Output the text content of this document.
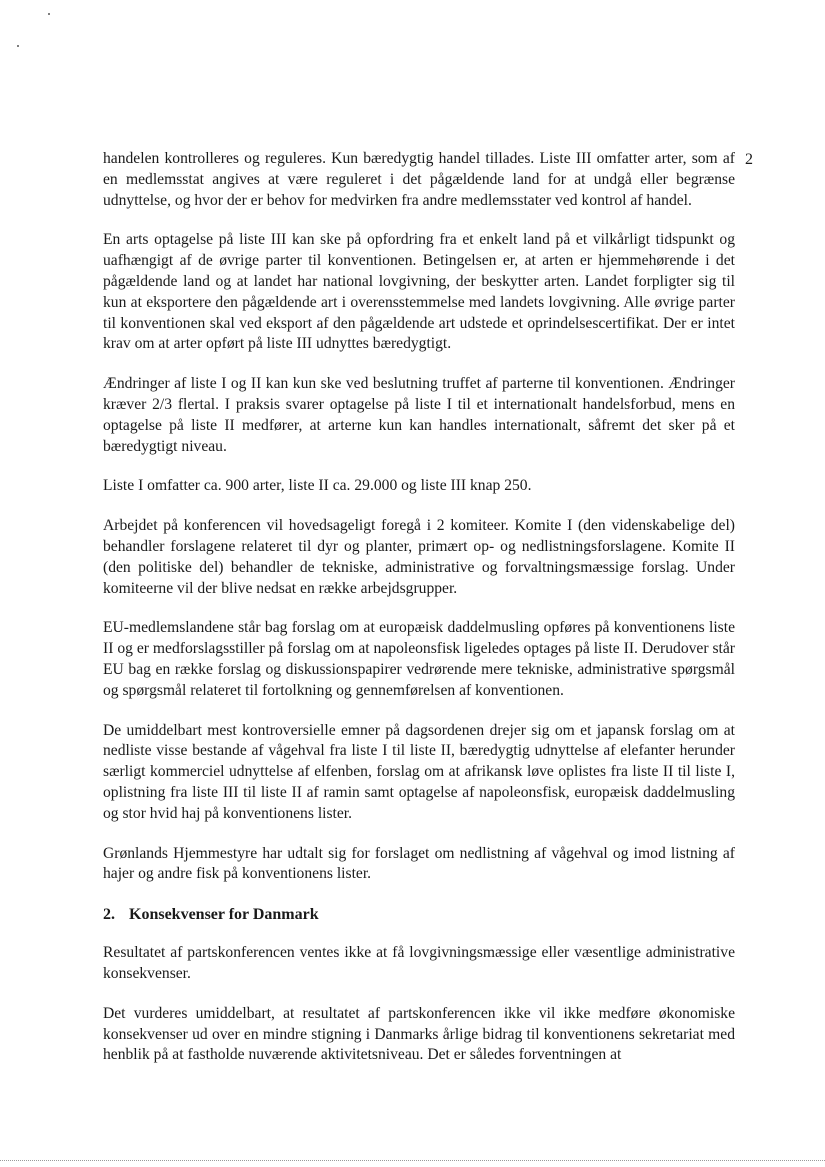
2

handelen kontrolleres og reguleres. Kun bæredygtig handel tillades. Liste III omfatter arter, som af en medlemsstat angives at være reguleret i det pågældende land for at undgå eller begrænse udnyttelse, og hvor der er behov for medvirken fra andre medlemsstater ved kontrol af handel.

En arts optagelse på liste III kan ske på opfordring fra et enkelt land på et vilkårligt tidspunkt og uafhængigt af de øvrige parter til konventionen. Betingelsen er, at arten er hjemmehørende i det pågældende land og at landet har national lovgivning, der beskytter arten. Landet forpligter sig til kun at eksportere den pågældende art i overensstemmelse med landets lovgivning. Alle øvrige parter til konventionen skal ved eksport af den pågældende art udstede et oprindelsescertifikat. Der er intet krav om at arter opført på liste III udnyttes bæredygtigt.

Ændringer af liste I og II kan kun ske ved beslutning truffet af parterne til konventionen. Ændringer kræver 2/3 flertal. I praksis svarer optagelse på liste I til et internationalt handelsforbud, mens en optagelse på liste II medfører, at arterne kun kan handles internationalt, såfremt det sker på et bæredygtigt niveau.

Liste I omfatter ca. 900 arter, liste II ca. 29.000 og liste III knap 250.

Arbejdet på konferencen vil hovedsageligt foregå i 2 komiteer. Komite I (den videnskabelige del) behandler forslagene relateret til dyr og planter, primært op- og nedlistningsforslagene. Komite II (den politiske del) behandler de tekniske, administrative og forvaltningsmæssige forslag. Under komiteerne vil der blive nedsat en række arbejdsgrupper.

EU-medlemslandene står bag forslag om at europæisk daddelmusling opføres på konventionens liste II og er medforslagsstiller på forslag om at napoleonsfisk ligeledes optages på liste II. Derudover står EU bag en række forslag og diskussionspapirer vedrørende mere tekniske, administrative spørgsmål og spørgsmål relateret til fortolkning og gennemførelsen af konventionen.

De umiddelbart mest kontroversielle emner på dagsordenen drejer sig om et japansk forslag om at nedliste visse bestande af vågehval fra liste I til liste II, bæredygtig udnyttelse af elefanter herunder særligt kommerciel udnyttelse af elfenben, forslag om at afrikansk løve oplistes fra liste II til liste I, oplistning fra liste III til liste II af ramin samt optagelse af napoleonsfisk, europæisk daddelmusling og stor hvid haj på konventionens lister.

Grønlands Hjemmestyre har udtalt sig for forslaget om nedlistning af vågehval og imod listning af hajer og andre fisk på konventionens lister.

2. Konsekvenser for Danmark

Resultatet af partskonferencen ventes ikke at få lovgivningsmæssige eller væsentlige administrative konsekvenser.

Det vurderes umiddelbart, at resultatet af partskonferencen ikke vil ikke medføre økonomiske konsekvenser ud over en mindre stigning i Danmarks årlige bidrag til konventionens sekretariat med henblik på at fastholde nuværende aktivitetsniveau. Det er således forventningen at
